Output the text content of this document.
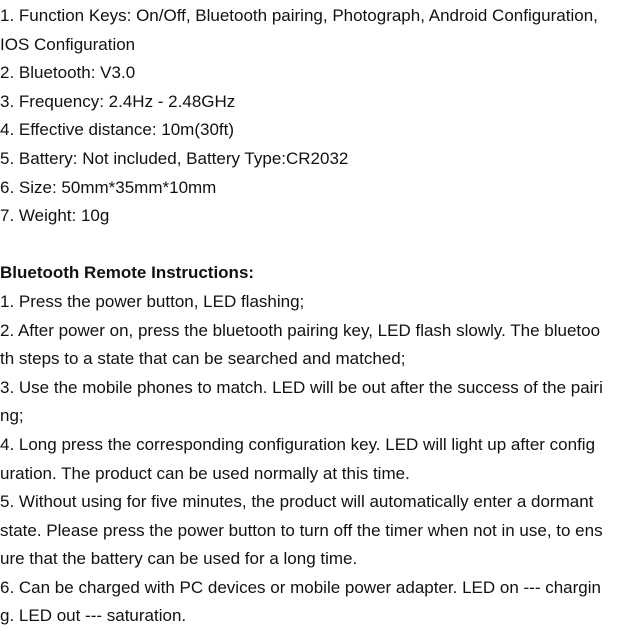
1. Function Keys: On/Off, Bluetooth pairing, Photograph, Android Configuration,
IOS Configuration
2. Bluetooth: V3.0
3. Frequency: 2.4Hz - 2.48GHz
4. Effective distance: 10m(30ft)
5. Battery: Not included, Battery Type:CR2032
6. Size: 50mm*35mm*10mm
7. Weight: 10g
Bluetooth Remote Instructions:
1. Press the power button, LED flashing;
2. After power on, press the bluetooth pairing key, LED flash slowly. The bluetoo
th steps to a state that can be searched and matched;
3. Use the mobile phones to match. LED will be out after the success of the pairi
ng;
4. Long press the corresponding configuration key. LED will light up after config
uration. The product can be used normally at this time.
5. Without using for five minutes, the product will automatically enter a dormant
state. Please press the power button to turn off the timer when not in use, to ens
ure that the battery can be used for a long time.
6. Can be charged with PC devices or mobile power adapter. LED on --- chargin
g. LED out --- saturation.
